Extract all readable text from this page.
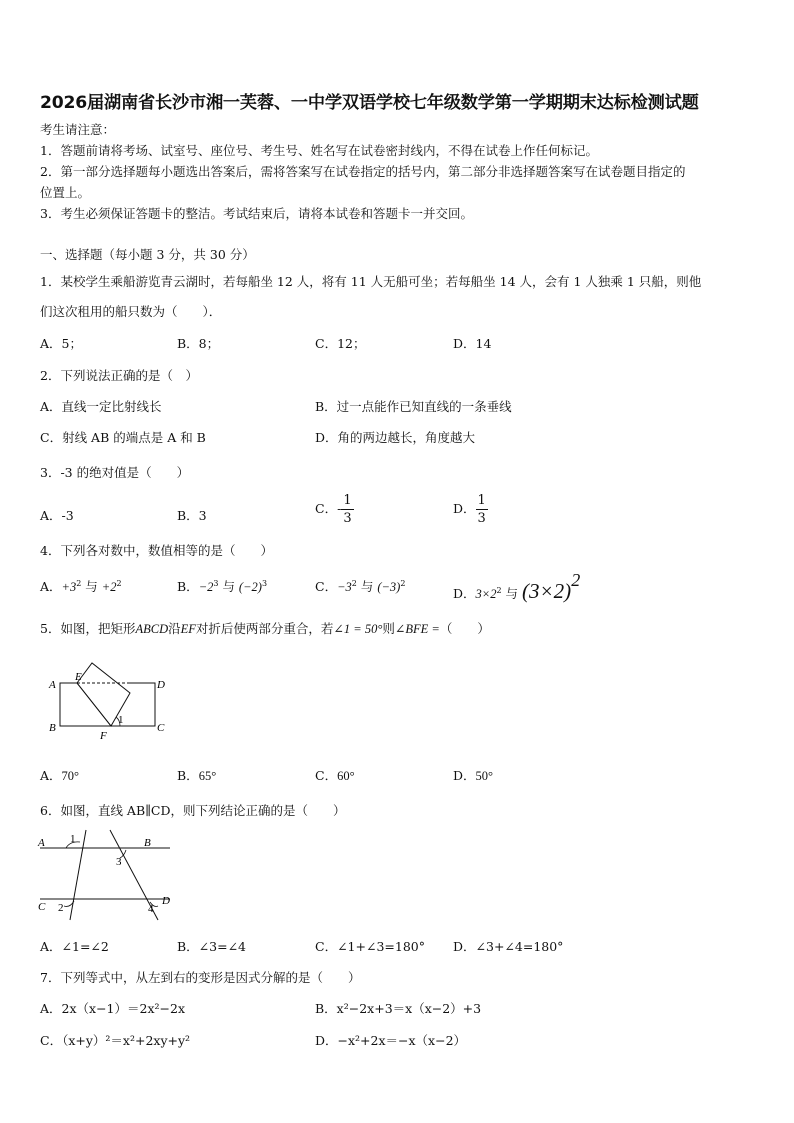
2026届湖南省长沙市湘一芙蓉、一中学双语学校七年级数学第一学期期末达标检测试题
考生请注意：
1．答题前请将考场、试室号、座位号、考生号、姓名写在试卷密封线内，不得在试卷上作任何标记。
2．第一部分选择题每小题选出答案后，需将答案写在试卷指定的括号内，第二部分非选择题答案写在试卷题目指定的
位置上。
3．考生必须保证答题卡的整洁。考试结束后，请将本试卷和答题卡一并交回。
一、选择题（每小题 3 分，共 30 分）
1．某校学生乘船游览青云湖时，若每船坐 12 人，将有 11 人无船可坐；若每船坐 14 人，会有 1 人独乘 1 只船，则他
们这次租用的船只数为（　　）．
A．5；	B．8；	C．12；	D．14
2．下列说法正确的是（　）
A．直线一定比射线长	B．过一点能作已知直线的一条垂线
C．射线 AB 的端点是 A 和 B	D．角的两边越长，角度越大
3．-3 的绝对值是（　　）
A．-3	B．3	C．- $\frac{1}{3}$	D． $\frac{1}{3}$
4．下列各对数中，数值相等的是（　　）
A．$+3^2$ 与 $+2^2$	B．$-2^3$ 与 $(-2)^3$	C．$-3^2$ 与 $(-3)^2$
D．$3\times 2^2$ 与 (3×2)2
5．如图，把矩形ABCD沿EF对折后使两部分重合，若∠1 = 50°则∠BFE =（　　）
A
E
D
B	C
F
1
A．70°	B．65°	C．60°	D．50°
6．如图，直线 AB∥CD，则下列结论正确的是（　　）
A	B
C	D
1
2
3
4
A．∠1=∠2	B．∠3=∠4	C．∠1+∠3=180° D．∠3+∠4=180°
7．下列等式中，从左到右的变形是因式分解的是（　　）
A．2x（x−1）＝2x²−2x	B．x²−2x+3＝x（x−2）+3
C．（x+y）²＝x²+2xy+y²	D．−x²+2x＝−x（x−2）
